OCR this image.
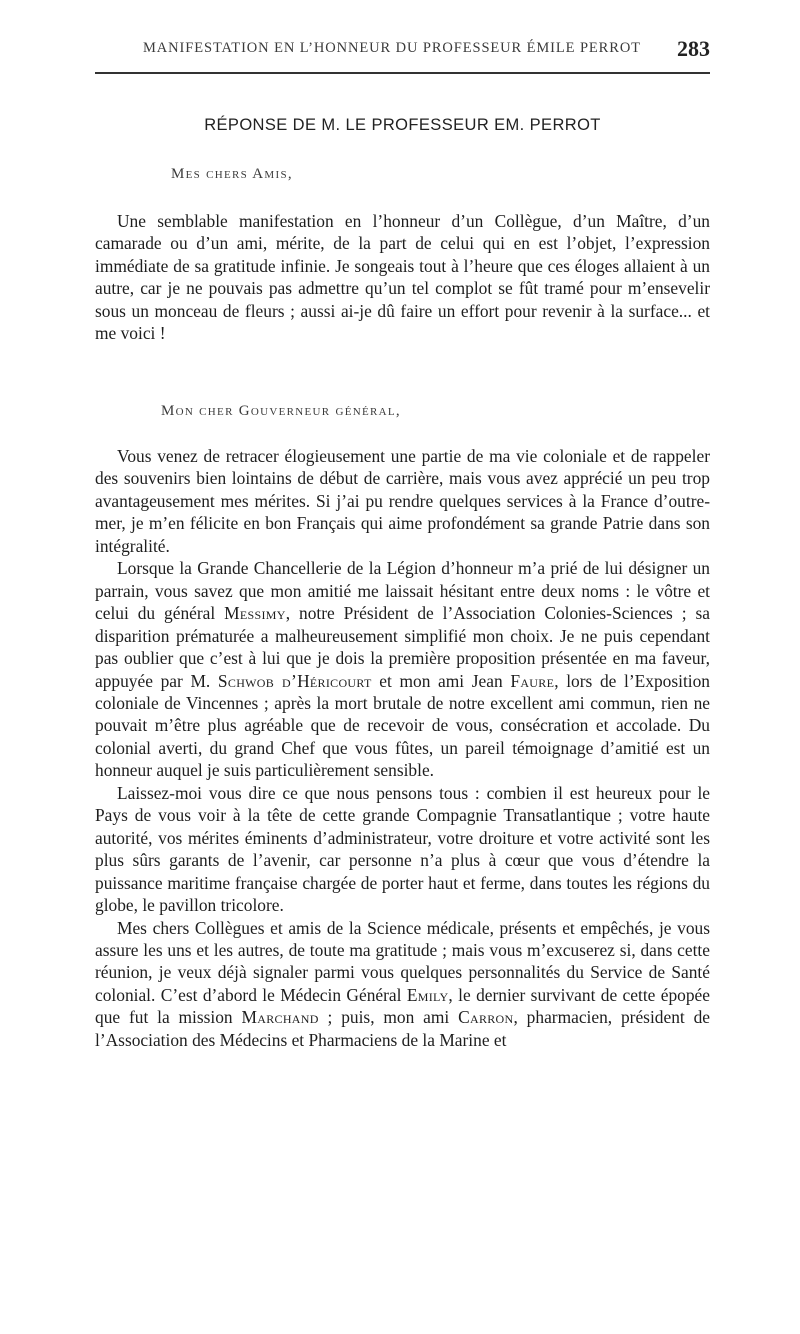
MANIFESTATION EN L’HONNEUR DU PROFESSEUR ÉMILE PERROT 283
RÉPONSE DE M. LE PROFESSEUR EM. PERROT
Mes chers Amis,

Une semblable manifestation en l’honneur d’un Collègue, d’un Maître, d’un camarade ou d’un ami, mérite, de la part de celui qui en est l’objet, l’expression immédiate de sa gratitude infinie. Je songeais tout à l’heure que ces éloges allaient à un autre, car je ne pouvais pas admettre qu’un tel complot se fût tramé pour m’ensevelir sous un monceau de fleurs ; aussi ai-je dû faire un effort pour revenir à la surface... et me voici !

Mon cher Gouverneur général,

Vous venez de retracer élogieusement une partie de ma vie coloniale et de rappeler des souvenirs bien lointains de début de carrière, mais vous avez apprécié un peu trop avantageusement mes mérites. Si j’ai pu rendre quelques services à la France d’outre-mer, je m’en félicite en bon Français qui aime profondément sa grande Patrie dans son intégralité.

Lorsque la Grande Chancellerie de la Légion d’honneur m’a prié de lui désigner un parrain, vous savez que mon amitié me laissait hésitant entre deux noms : le vôtre et celui du général Messimy, notre Président de l’Association Colonies-Sciences ; sa disparition prématurée a malheureusement simplifié mon choix. Je ne puis cependant pas oublier que c’est à lui que je dois la première proposition présentée en ma faveur, appuyée par M. Schwob d’Héricourt et mon ami Jean Faure, lors de l’Exposition coloniale de Vincennes ; après la mort brutale de notre excellent ami commun, rien ne pouvait m’être plus agréable que de recevoir de vous, consécration et accolade. Du colonial averti, du grand Chef que vous fûtes, un pareil témoignage d’amitié est un honneur auquel je suis particulièrement sensible.

Laissez-moi vous dire ce que nous pensons tous : combien il est heureux pour le Pays de vous voir à la tête de cette grande Compagnie Transatlantique ; votre haute autorité, vos mérites éminents d’administrateur, votre droiture et votre activité sont les plus sûrs garants de l’avenir, car personne n’a plus à cœur que vous d’étendre la puissance maritime française chargée de porter haut et ferme, dans toutes les régions du globe, le pavillon tricolore.

Mes chers Collègues et amis de la Science médicale, présents et empêchés, je vous assure les uns et les autres, de toute ma gratitude ; mais vous m’excuserez si, dans cette réunion, je veux déjà signaler parmi vous quelques personnalités du Service de Santé colonial. C’est d’abord le Médecin Général Emily, le dernier survivant de cette épopée que fut la mission Marchand ; puis, mon ami Carron, pharmacien, président de l’Association des Médecins et Pharmaciens de la Marine et
